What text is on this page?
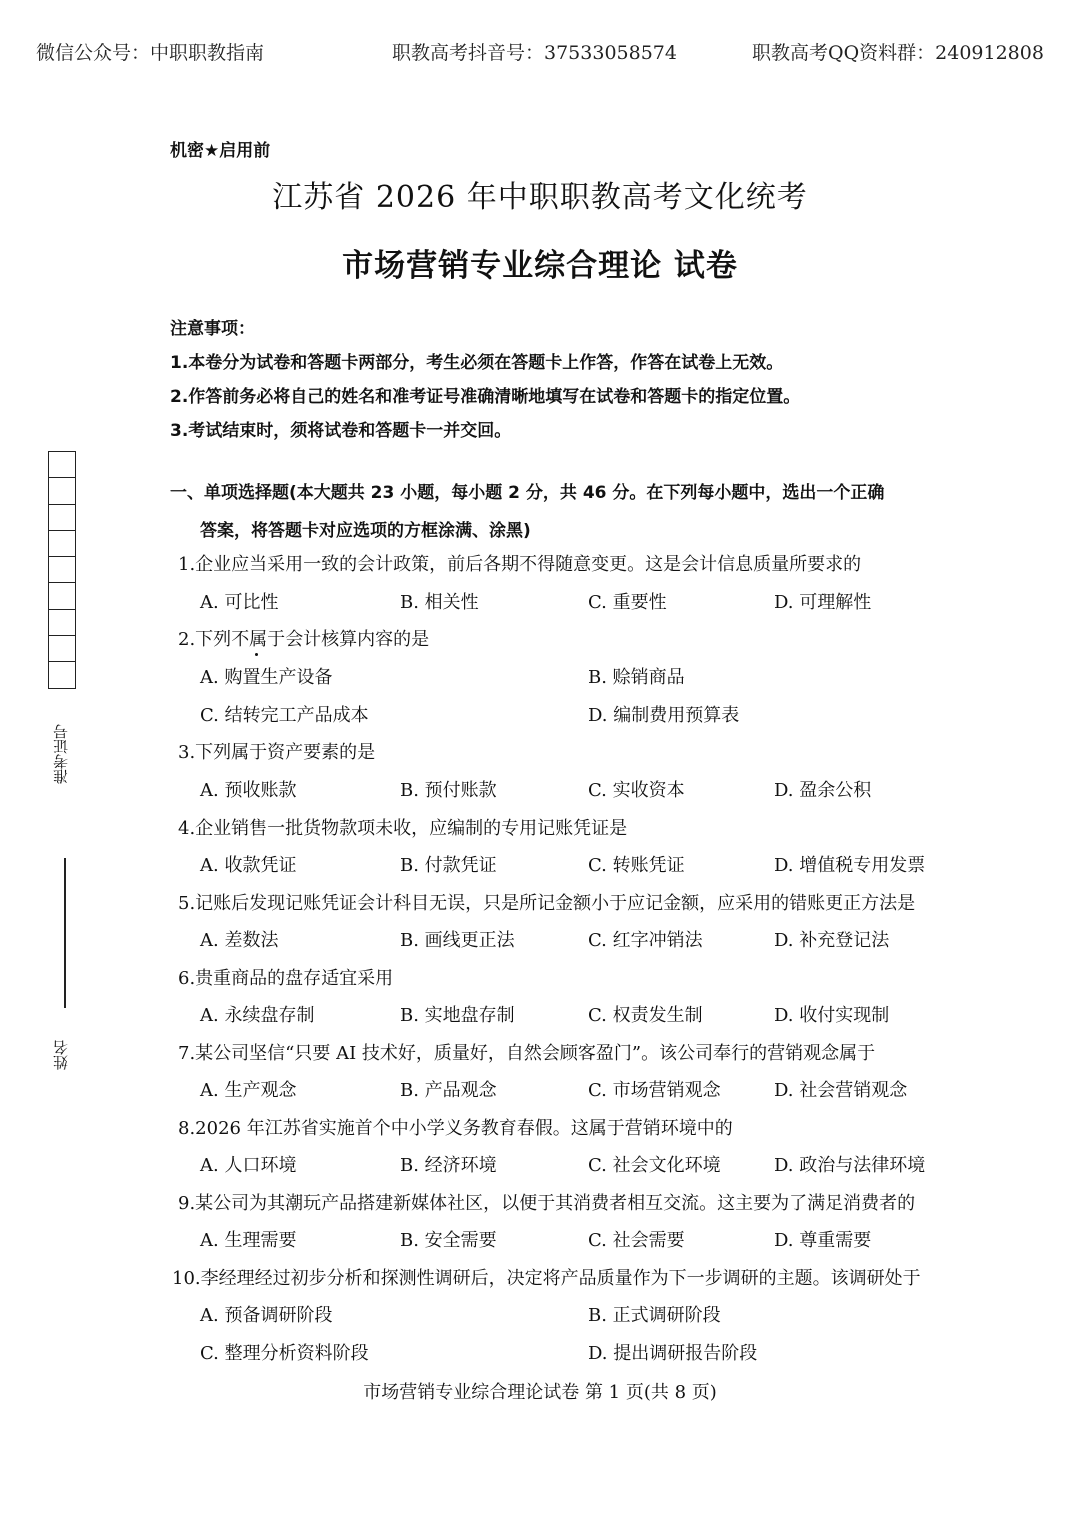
微信公众号：中职职教指南	职教高考抖音号：37533058574	职教高考QQ资料群：240912808
机密★启用前
江苏省 2026 年中职职教高考文化统考
市场营销专业综合理论 试卷
注意事项：
1.本卷分为试卷和答题卡两部分，考生必须在答题卡上作答，作答在试卷上无效。
2.作答前务必将自己的姓名和准考证号准确清晰地填写在试卷和答题卡的指定位置。
3.考试结束时，须将试卷和答题卡一并交回。
准考证号
姓名
一、单项选择题(本大题共 23 小题，每小题 2 分，共 46 分。在下列每小题中，选出一个正确
答案，将答题卡对应选项的方框涂满、涂黑)
1.企业应当采用一致的会计政策，前后各期不得随意变更。这是会计信息质量所要求的
A. 可比性	B. 相关性	C. 重要性	D. 可理解性
2.下列不属于会计核算内容的是
A. 购置生产设备	B. 赊销商品
C. 结转完工产品成本	D. 编制费用预算表
3.下列属于资产要素的是
A. 预收账款	B. 预付账款	C. 实收资本	D. 盈余公积
4.企业销售一批货物款项未收，应编制的专用记账凭证是
A. 收款凭证	B. 付款凭证	C. 转账凭证	D. 增值税专用发票
5.记账后发现记账凭证会计科目无误，只是所记金额小于应记金额，应采用的错账更正方法是
A. 差数法	B. 画线更正法	C. 红字冲销法	D. 补充登记法
6.贵重商品的盘存适宜采用
A. 永续盘存制	B. 实地盘存制	C. 权责发生制	D. 收付实现制
7.某公司坚信“只要 AI 技术好，质量好，自然会顾客盈门”。该公司奉行的营销观念属于
A. 生产观念	B. 产品观念	C. 市场营销观念	D. 社会营销观念
8.2026 年江苏省实施首个中小学义务教育春假。这属于营销环境中的
A. 人口环境	B. 经济环境	C. 社会文化环境	D. 政治与法律环境
9.某公司为其潮玩产品搭建新媒体社区，以便于其消费者相互交流。这主要为了满足消费者的
A. 生理需要	B. 安全需要	C. 社会需要	D. 尊重需要
10.李经理经过初步分析和探测性调研后，决定将产品质量作为下一步调研的主题。该调研处于
A. 预备调研阶段	B. 正式调研阶段
C. 整理分析资料阶段	D. 提出调研报告阶段
市场营销专业综合理论试卷 第 1 页(共 8 页)
